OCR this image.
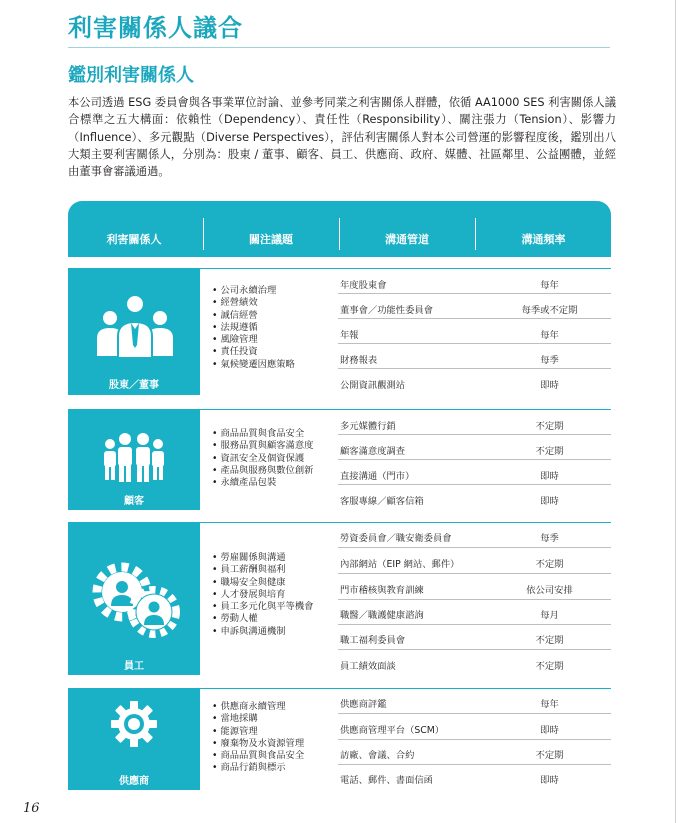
利害關係人議合
鑑別利害關係人

本公司透過 ESG 委員會與各事業單位討論、並參考同業之利害關係人群體，依循 AA1000 SES 利害關係人議合標準之五大構面：依賴性（Dependency）、責任性（Responsibility）、關注張力（Tension）、影響力（Influence）、多元觀點（Diverse Perspectives），評估利害關係人對本公司營運的影響程度後，鑑別出八大類主要利害關係人，分別為：股東 / 董事、顧客、員工、供應商、政府、媒體、社區鄰里、公益團體，並經由董事會審議通過。

利害關係人	關注議題	溝通管道	溝通頻率
股東／董事
• 公司永續治理
• 經營績效
• 誠信經營
• 法規遵循
• 風險管理
• 責任投資
• 氣候變遷因應策略
年度股東會	每年
董事會／功能性委員會	每季或不定期
年報	每年
財務報表	每季
公開資訊觀測站	即時
顧客
• 商品品質與食品安全
• 服務品質與顧客滿意度
• 資訊安全及個資保護
• 產品與服務與數位創新
• 永續產品包裝
多元媒體行銷	不定期
顧客滿意度調查	不定期
直接溝通（門市）	即時
客服專線／顧客信箱	即時
員工
• 勞雇關係與溝通
• 員工薪酬與福利
• 職場安全與健康
• 人才發展與培育
• 員工多元化與平等機會
• 勞動人權
• 申訴與溝通機制
勞資委員會／職安衛委員會	每季
內部網站（EIP 網站、郵件）	不定期
門市稽核與教育訓練	依公司安排
職醫／職護健康諮詢	每月
職工福利委員會	不定期
員工績效面談	不定期
供應商
• 供應商永續管理
• 當地採購
• 能源管理
• 廢棄物及水資源管理
• 商品品質與食品安全
• 商品行銷與標示
供應商評鑑	每年
供應商管理平台（SCM）	即時
訪廠、會議、合約	不定期
電話、郵件、書面信函	即時
16
